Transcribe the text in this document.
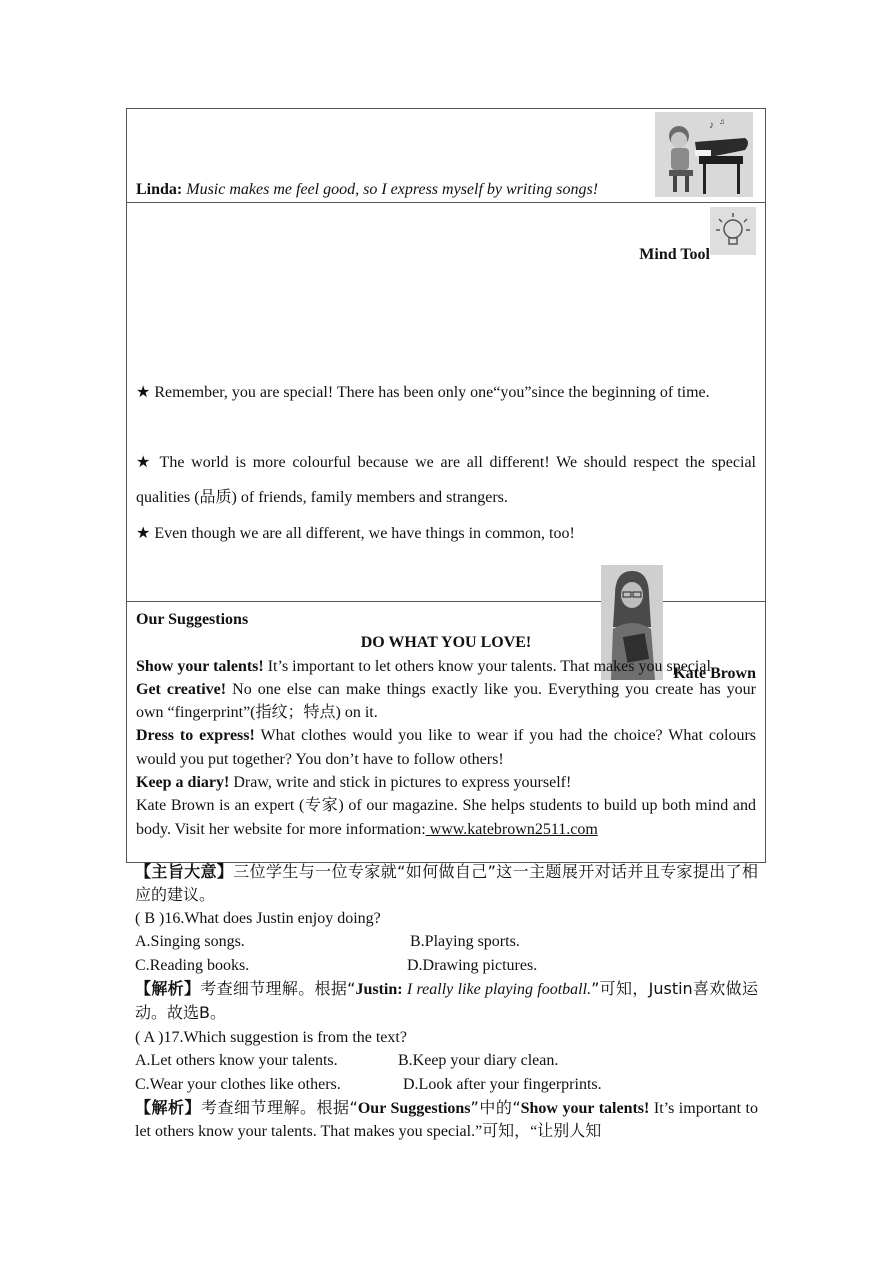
♪ ♫
Linda: Music makes me feel good, so I express myself by writing songs!
Mind Tool
★ Remember, you are special! There has been only one“you”since the beginning of time.
★ The world is more colourful because we are all different! We should respect the special qualities (品质) of friends, family members and strangers.
★ Even though we are all different, we have things in common, too!
Kate Brown

Our Suggestions

DO WHAT YOU LOVE!

Show your talents! It’s important to let others know your talents. That makes you special.

Get creative! No one else can make things exactly like you. Everything you create has your own “fingerprint”(指纹；特点) on it.

Dress to express! What clothes would you like to wear if you had the choice? What colours would you put together? You don’t have to follow others!

Keep a diary! Draw, write and stick in pictures to express yourself!

Kate Brown is an expert (专家) of our magazine. She helps students to build up both mind and body. Visit her website for more information: www.katebrown2511.com

【主旨大意】三位学生与一位专家就“如何做自己”这一主题展开对话并且专家提出了相应的建议。

( B )16.What does Justin enjoy doing?

A.Singing songs.	B.Playing sports.

C.Reading books.	D.Drawing pictures.

【解析】考查细节理解。根据“Justin: I really like playing football.”可知，Justin喜欢做运动。故选B。

( A )17.Which suggestion is from the text?

A.Let others know your talents.	B.Keep your diary clean.

C.Wear your clothes like others.	D.Look after your fingerprints.

【解析】考查细节理解。根据“Our Suggestions”中的“Show your talents! It’s important to let others know your talents. That makes you special.”可知，“让别人知
